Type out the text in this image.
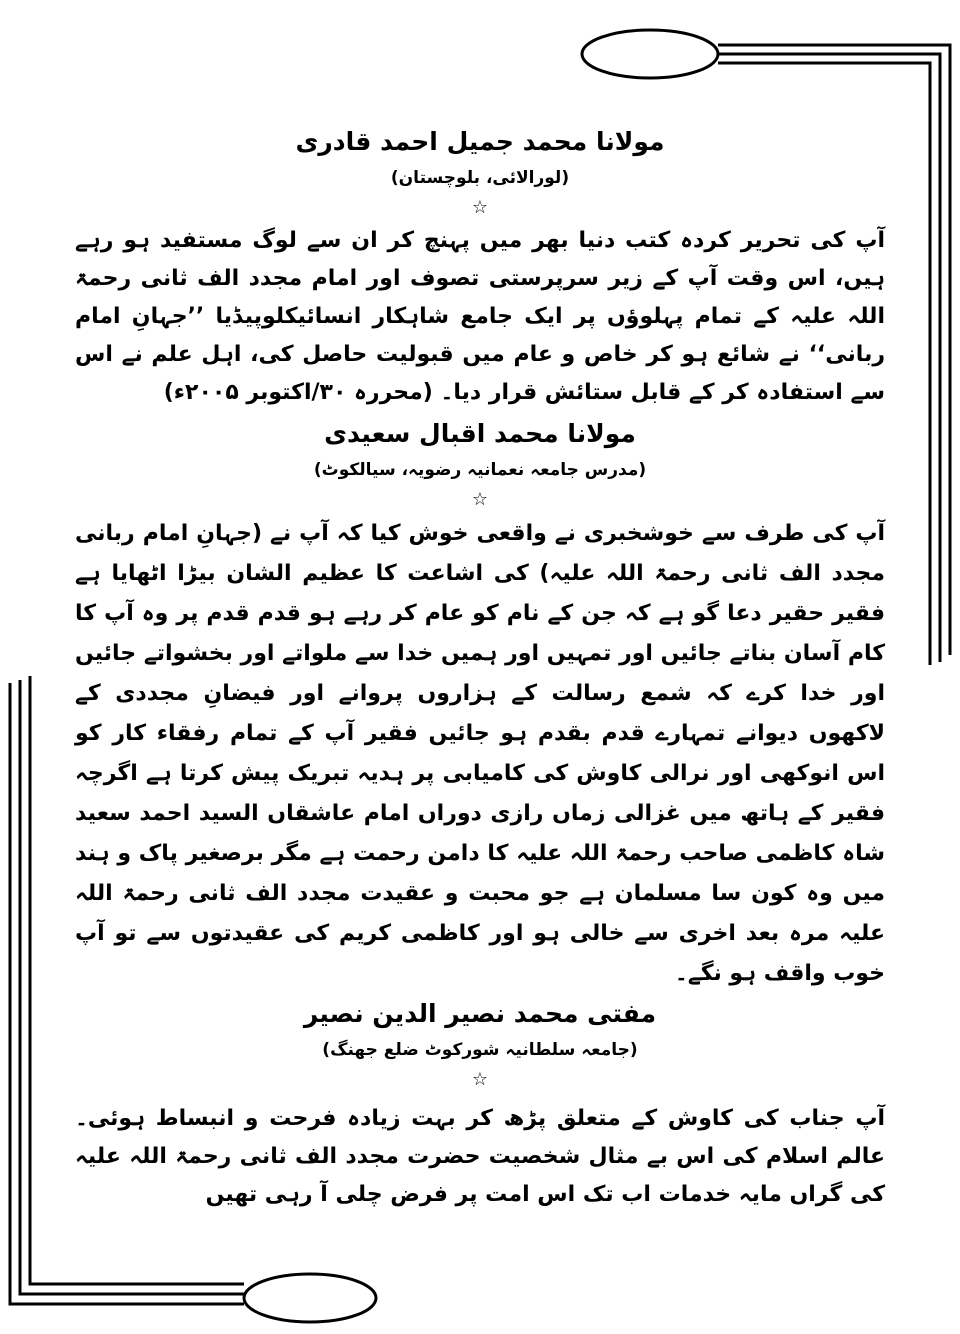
مولانا محمد جمیل احمد قادری

(لورالائی، بلوچستان)

☆

آپ کی تحریر کردہ کتب دنیا بھر میں پہنچ کر ان سے لوگ مستفید ہو رہے ہیں، اس وقت آپ کے زیر سرپرستی تصوف اور امام مجدد الف ثانی رحمۃ اللہ علیہ کے تمام پہلوؤں پر ایک جامع شاہکار انسائیکلوپیڈیا ’’جہانِ امام ربانی‘‘ نے شائع ہو کر خاص و عام میں قبولیت حاصل کی، اہل علم نے اس سے استفادہ کر کے قابل ستائش قرار دیا۔ (محررہ ۳۰/اکتوبر ۲۰۰۵ء)

مولانا محمد اقبال سعیدی

(مدرس جامعہ نعمانیہ رضویہ، سیالکوٹ)

☆

آپ کی طرف سے خوشخبری نے واقعی خوش کیا کہ آپ نے (جہانِ امام ربانی مجدد الف ثانی رحمۃ اللہ علیہ) کی اشاعت کا عظیم الشان بیڑا اٹھایا ہے فقیر حقیر دعا گو ہے کہ جن کے نام کو عام کر رہے ہو قدم قدم پر وہ آپ کا کام آسان بناتے جائیں اور تمہیں اور ہمیں خدا سے ملواتے اور بخشواتے جائیں اور خدا کرے کہ شمع رسالت کے ہزاروں پروانے اور فیضانِ مجددی کے لاکھوں دیوانے تمہارے قدم بقدم ہو جائیں فقیر آپ کے تمام رفقاء کار کو اس انوکھی اور نرالی کاوش کی کامیابی پر ہدیہ تبریک پیش کرتا ہے اگرچہ فقیر کے ہاتھ میں غزالی زماں رازی دوراں امام عاشقاں السید احمد سعید شاہ کاظمی صاحب رحمۃ اللہ علیہ کا دامن رحمت ہے مگر برصغیر پاک و ہند میں وہ کون سا مسلمان ہے جو محبت و عقیدت مجدد الف ثانی رحمۃ اللہ علیہ مرہ بعد اخری سے خالی ہو اور کاظمی کریم کی عقیدتوں سے تو آپ خوب واقف ہو نگے۔

مفتی محمد نصیر الدین نصیر

(جامعہ سلطانیہ شورکوٹ ضلع جھنگ)

☆

آپ جناب کی کاوش کے متعلق پڑھ کر بہت زیادہ فرحت و انبساط ہوئی۔ عالم اسلام کی اس بے مثال شخصیت حضرت مجدد الف ثانی رحمۃ اللہ علیہ کی گراں مایہ خدمات اب تک اس امت پر فرض چلی آ رہی تھیں
